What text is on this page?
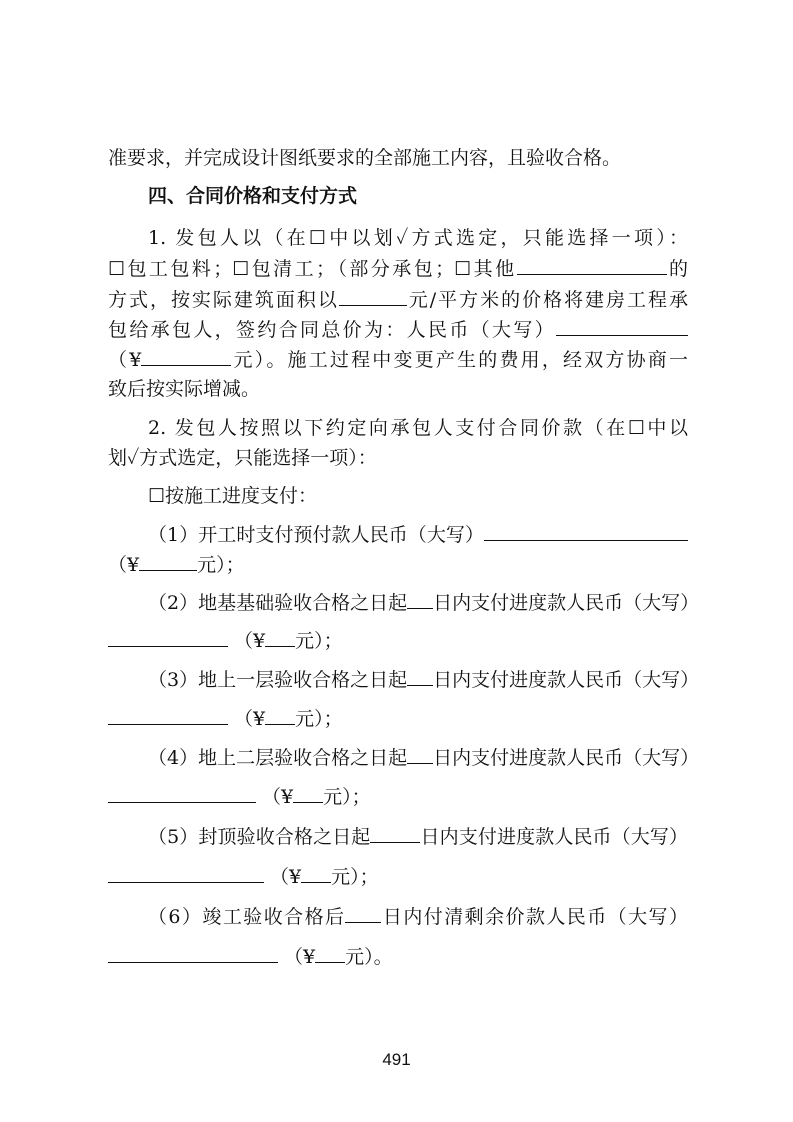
准要求，并完成设计图纸要求的全部施工内容，且验收合格。
四、合同价格和支付方式
1. 发包人以（在☐中以划✓方式选定，只能选择一项）：
☐包工包料；☐包清工；（部分承包；☐其他	的
方式，按实际建筑面积以	元/平方米的价格将建房工程承
包给承包人，签约合同总价为：人民币（大写）
（¥	元）。施工过程中变更产生的费用，经双方协商一
致后按实际增减。
2. 发包人按照以下约定向承包人支付合同价款（在☐中以
划✓方式选定，只能选择一项）：
☐按施工进度支付：
（1）开工时支付预付款人民币（大写）
（¥	元）；
（2）地基基础验收合格之日起 日内支付进度款人民币（大写）
（¥ 元）；
（3）地上一层验收合格之日起 日内支付进度款人民币（大写）
（¥ 元）；
（4）地上二层验收合格之日起 日内支付进度款人民币（大写）
（¥ 元）；
（5）封顶验收合格之日起	日内支付进度款人民币（大写）
（¥ 元）；
（6）竣工验收合格后 日内付清剩余价款人民币（大写）
（¥ 元）。
491
